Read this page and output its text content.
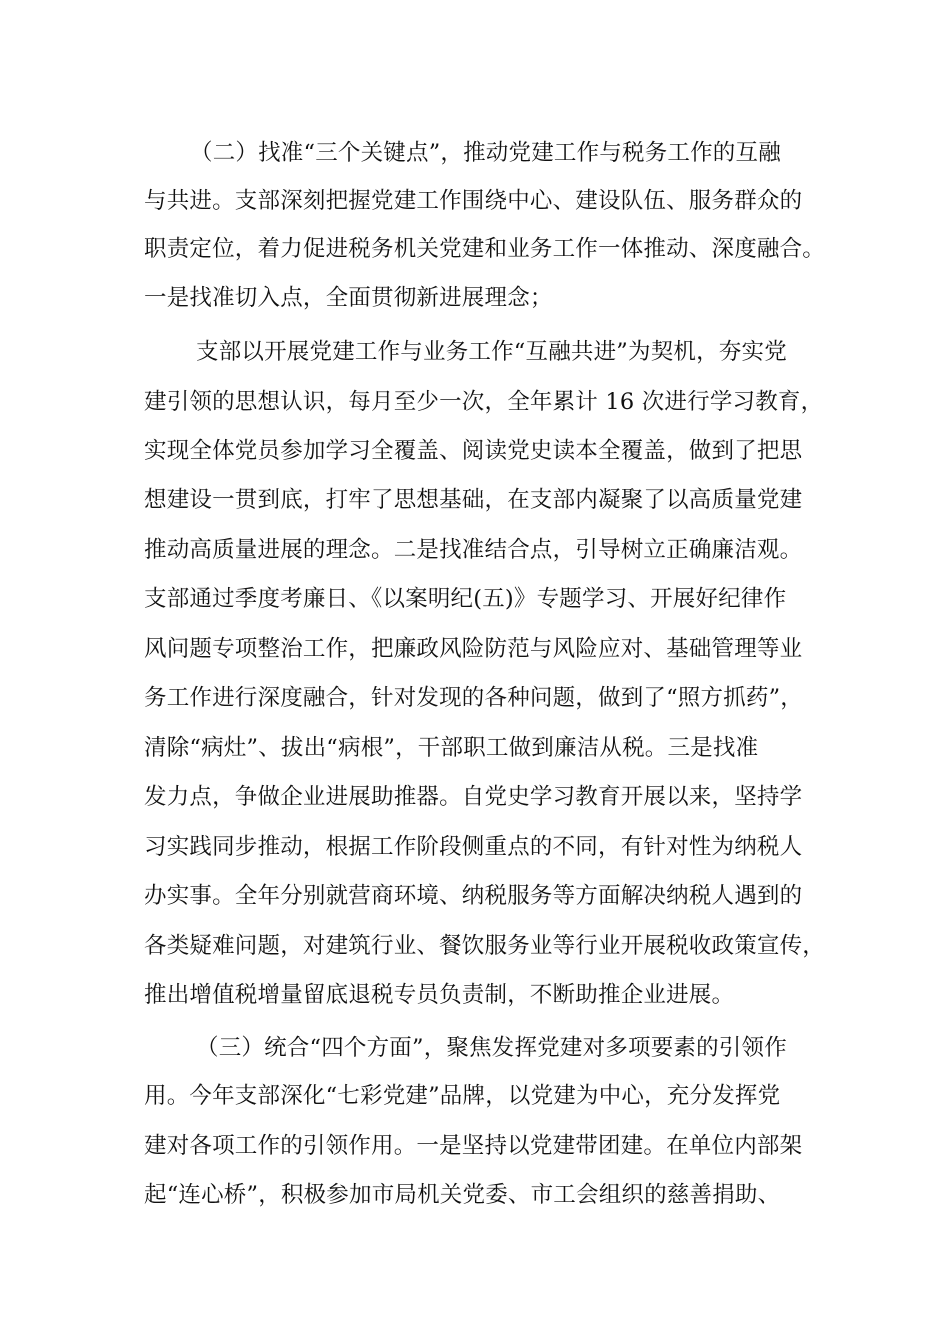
（二）找准“三个关键点”，推动党建工作与税务工作的互融
与共进。支部深刻把握党建工作围绕中心、建设队伍、服务群众的
职责定位，着力促进税务机关党建和业务工作一体推动、深度融合。
一是找准切入点，全面贯彻新进展理念；
支部以开展党建工作与业务工作“互融共进”为契机，夯实党
建引领的思想认识，每月至少一次，全年累计 16 次进行学习教育，
实现全体党员参加学习全覆盖、阅读党史读本全覆盖，做到了把思
想建设一贯到底，打牢了思想基础，在支部内凝聚了以高质量党建
推动高质量进展的理念。二是找准结合点，引导树立正确廉洁观。
支部通过季度考廉日、《以案明纪(五)》专题学习、开展好纪律作
风问题专项整治工作，把廉政风险防范与风险应对、基础管理等业
务工作进行深度融合，针对发现的各种问题，做到了“照方抓药”，
清除“病灶”、拔出“病根”，干部职工做到廉洁从税。三是找准
发力点，争做企业进展助推器。自党史学习教育开展以来，坚持学
习实践同步推动，根据工作阶段侧重点的不同，有针对性为纳税人
办实事。全年分别就营商环境、纳税服务等方面解决纳税人遇到的
各类疑难问题，对建筑行业、餐饮服务业等行业开展税收政策宣传，
推出增值税增量留底退税专员负责制，不断助推企业进展。
（三）统合“四个方面”，聚焦发挥党建对多项要素的引领作
用。今年支部深化“七彩党建”品牌，以党建为中心，充分发挥党
建对各项工作的引领作用。一是坚持以党建带团建。在单位内部架
起“连心桥”，积极参加市局机关党委、市工会组织的慈善捐助、
